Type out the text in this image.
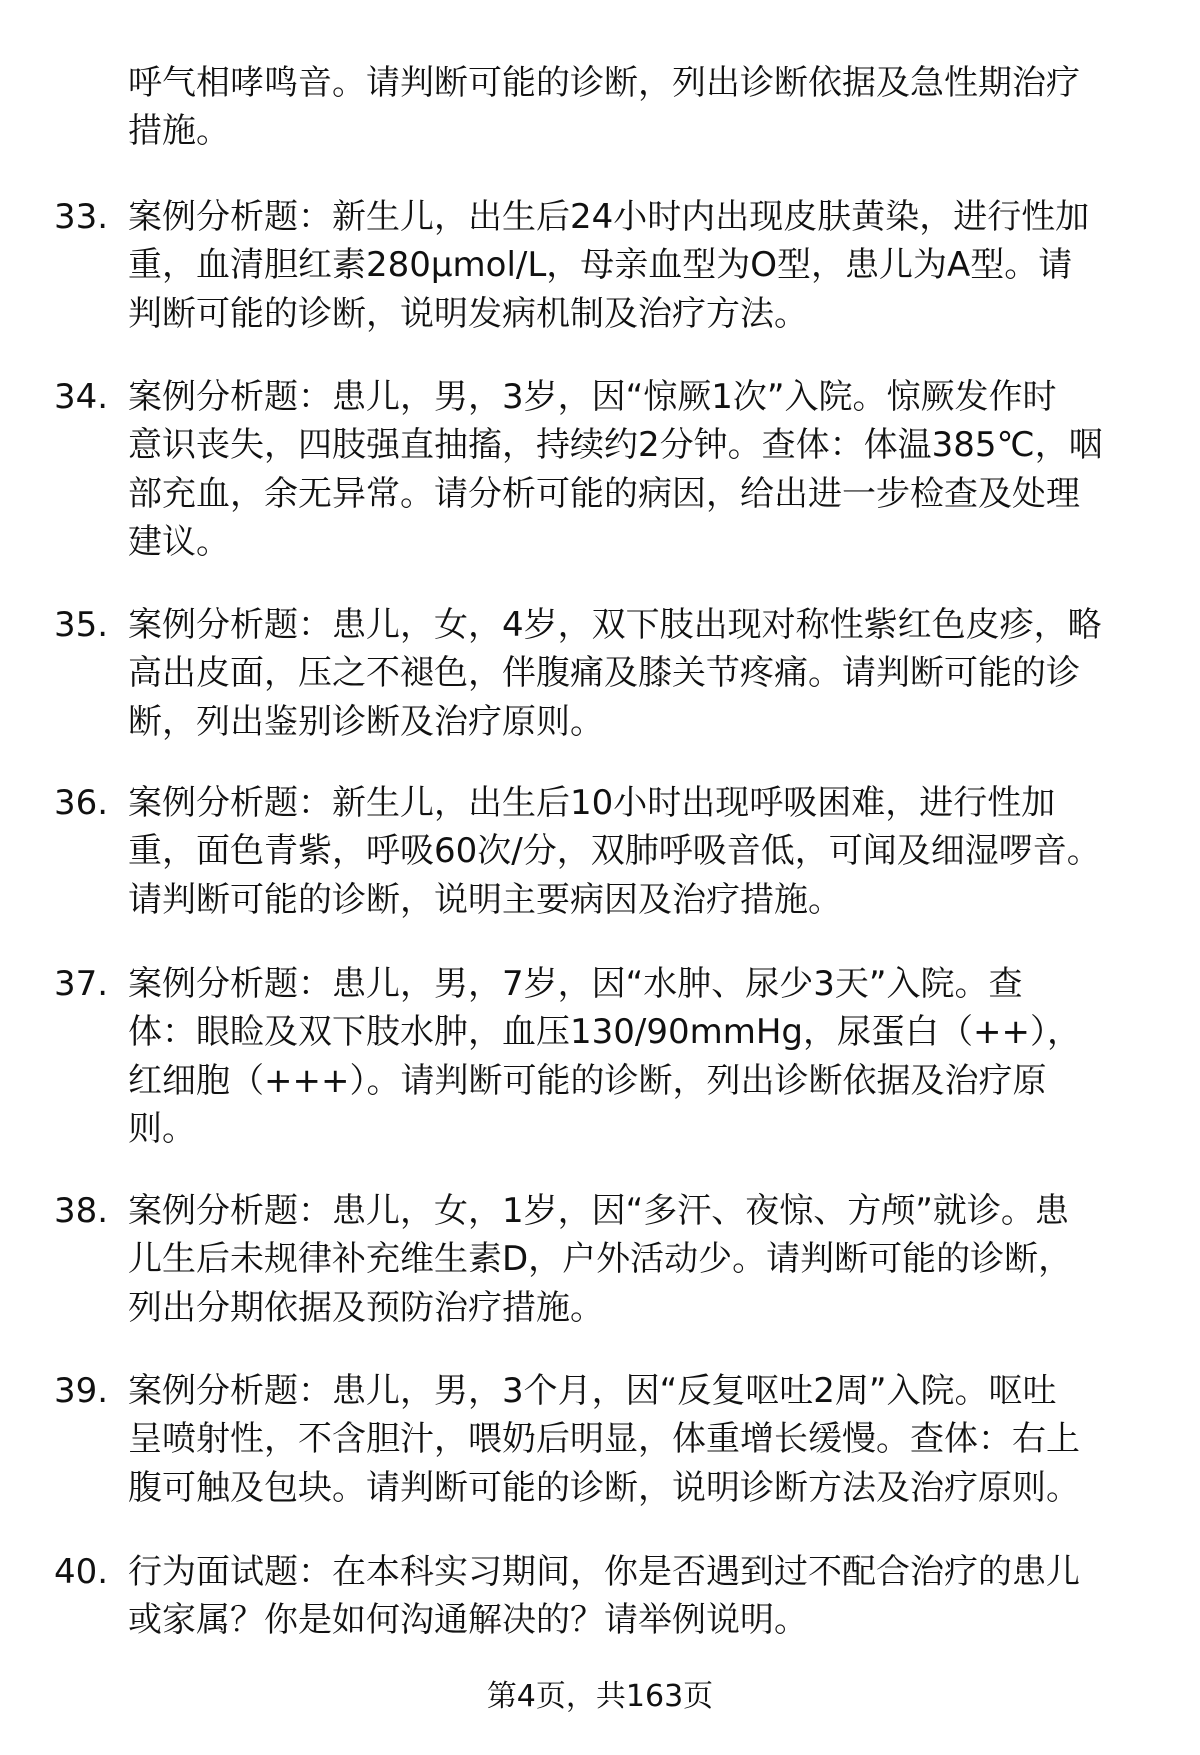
呼气相哮鸣音。请判断可能的诊断，列出诊断依据及急性期治疗
措施。
33. 案例分析题：新生儿，出生后24小时内出现皮肤黄染，进行性加
重，血清胆红素280μmol/L，母亲血型为O型，患儿为A型。请
判断可能的诊断，说明发病机制及治疗方法。
34. 案例分析题：患儿，男，3岁，因“惊厥1次”入院。惊厥发作时
意识丧失，四肢强直抽搐，持续约2分钟。查体：体温385℃，咽
部充血，余无异常。请分析可能的病因，给出进一步检查及处理
建议。
35. 案例分析题：患儿，女，4岁，双下肢出现对称性紫红色皮疹，略
高出皮面，压之不褪色，伴腹痛及膝关节疼痛。请判断可能的诊
断，列出鉴别诊断及治疗原则。
36. 案例分析题：新生儿，出生后10小时出现呼吸困难，进行性加
重，面色青紫，呼吸60次/分，双肺呼吸音低，可闻及细湿啰音。
请判断可能的诊断，说明主要病因及治疗措施。
37. 案例分析题：患儿，男，7岁，因“水肿、尿少3天”入院。查
体：眼睑及双下肢水肿，血压130/90mmHg，尿蛋白（++），
红细胞（+++）。请判断可能的诊断，列出诊断依据及治疗原
则。
38. 案例分析题：患儿，女，1岁，因“多汗、夜惊、方颅”就诊。患
儿生后未规律补充维生素D，户外活动少。请判断可能的诊断，
列出分期依据及预防治疗措施。
39. 案例分析题：患儿，男，3个月，因“反复呕吐2周”入院。呕吐
呈喷射性，不含胆汁，喂奶后明显，体重增长缓慢。查体：右上
腹可触及包块。请判断可能的诊断，说明诊断方法及治疗原则。
40. 行为面试题：在本科实习期间，你是否遇到过不配合治疗的患儿
或家属？你是如何沟通解决的？请举例说明。
第4页，共163页
